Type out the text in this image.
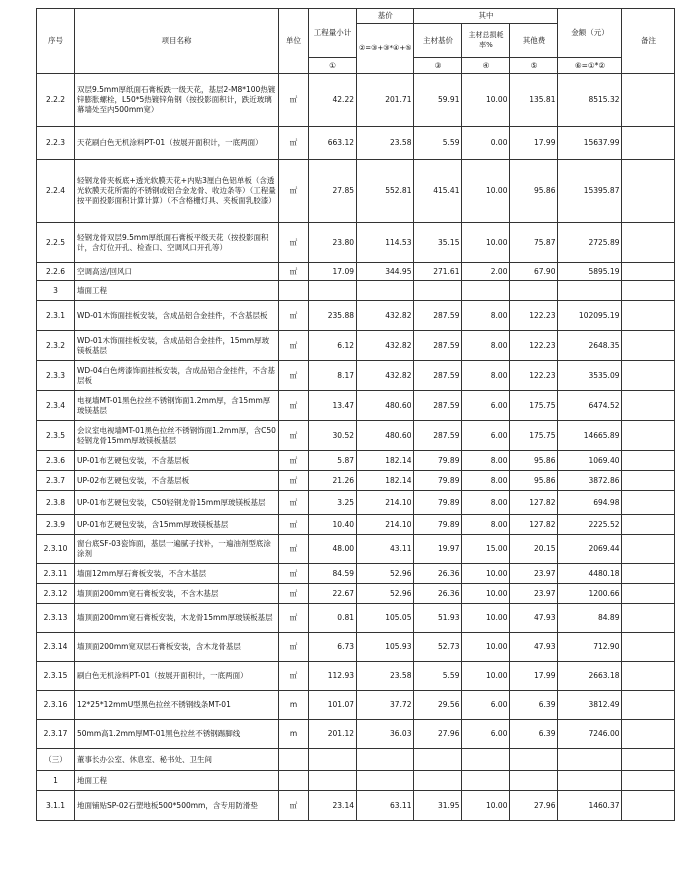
序号	项目名称	单位	工程量小计	基价	其中			金额（元）	备注
				②=③+③*④+⑤	主材基价	主材总损耗率%	其他费		
			①		③	④	⑤	⑥=①*②	
2.2.2	双层9.5mm厚纸面石膏板跌一级天花，基层2-M8*100热镀锌膨胀螺栓，L50*5热镀锌角钢（按投影面积计，跌近玻璃幕墙处至内500mm宽）	㎡	42.22	201.71	59.91	10.00	135.81	8515.32	
2.2.3	天花刷白色无机涂料PT-01（按展开面积计，一底两面）	㎡	663.12	23.58	5.59	0.00	17.99	15637.99	
2.2.4	轻钢龙骨夹板底+透光软膜天花+内贴3厘白色铝单板（含透光软膜天花所需的不锈钢或铝合金龙骨、收边条等）（工程量按平面投影面积计算计算）（不含格栅灯具、夹板面乳胶漆）	㎡	27.85	552.81	415.41	10.00	95.86	15395.87	
2.2.5	轻钢龙骨双层9.5mm厚纸面石膏板平级天花（按投影面积计，含灯位开孔、检查口、空调风口开孔等）	㎡	23.80	114.53	35.15	10.00	75.87	2725.89	
2.2.6	空调高送/回风口	㎡	17.09	344.95	271.61	2.00	67.90	5895.19	
3	墙面工程								
2.3.1	WD-01木饰面挂板安装，含成品铝合金挂件，不含基层板	㎡	235.88	432.82	287.59	8.00	122.23	102095.19	
2.3.2	WD-01木饰面挂板安装，含成品铝合金挂件，15mm厚玻镁板基层	㎡	6.12	432.82	287.59	8.00	122.23	2648.35	
2.3.3	WD-04白色烤漆饰面挂板安装，含成品铝合金挂件，不含基层板	㎡	8.17	432.82	287.59	8.00	122.23	3535.09	
2.3.4	电视墙MT-01黑色拉丝不锈钢饰面1.2mm厚，含15mm厚玻镁基层	㎡	13.47	480.60	287.59	6.00	175.75	6474.52	
2.3.5	会议室电视墙MT-01黑色拉丝不锈钢饰面1.2mm厚，含C50轻钢龙骨15mm厚玻镁板基层	㎡	30.52	480.60	287.59	6.00	175.75	14665.89	
2.3.6	UP-01布艺硬包安装，不含基层板	㎡	5.87	182.14	79.89	8.00	95.86	1069.40	
2.3.7	UP-02布艺硬包安装，不含基层板	㎡	21.26	182.14	79.89	8.00	95.86	3872.86	
2.3.8	UP-01布艺硬包安装，C50轻钢龙骨15mm厚玻镁板基层	㎡	3.25	214.10	79.89	8.00	127.82	694.98	
2.3.9	UP-01布艺硬包安装，含15mm厚玻镁板基层	㎡	10.40	214.10	79.89	8.00	127.82	2225.52	
2.3.10	窗台底SF-03瓷饰面，基层一遍腻子找补，一遍油剂型底涂涂剂	㎡	48.00	43.11	19.97	15.00	20.15	2069.44	
2.3.11	墙面12mm厚石膏板安装，不含木基层	㎡	84.59	52.96	26.36	10.00	23.97	4480.18	
2.3.12	墙顶面200mm宽石膏板安装，不含木基层	㎡	22.67	52.96	26.36	10.00	23.97	1200.66	
2.3.13	墙顶面200mm宽石膏板安装，木龙骨15mm厚玻镁板基层	㎡	0.81	105.05	51.93	10.00	47.93	84.89	
2.3.14	墙顶面200mm宽双层石膏板安装，含木龙骨基层	㎡	6.73	105.93	52.73	10.00	47.93	712.90	
2.3.15	刷白色无机涂料PT-01（按展开面积计，一底两面）	㎡	112.93	23.58	5.59	10.00	17.99	2663.18	
2.3.16	12*25*12mmU型黑色拉丝不锈钢线条MT-01	m	101.07	37.72	29.56	6.00	6.39	3812.49	
2.3.17	50mm高1.2mm厚MT-01黑色拉丝不锈钢踢脚线	m	201.12	36.03	27.96	6.00	6.39	7246.00	
（三）	董事长办公室、休息室、秘书处、卫生间								
1	地面工程								
3.1.1	地面铺贴SP-02石塑地板500*500mm，含专用防滑垫	㎡	23.14	63.11	31.95	10.00	27.96	1460.37	
